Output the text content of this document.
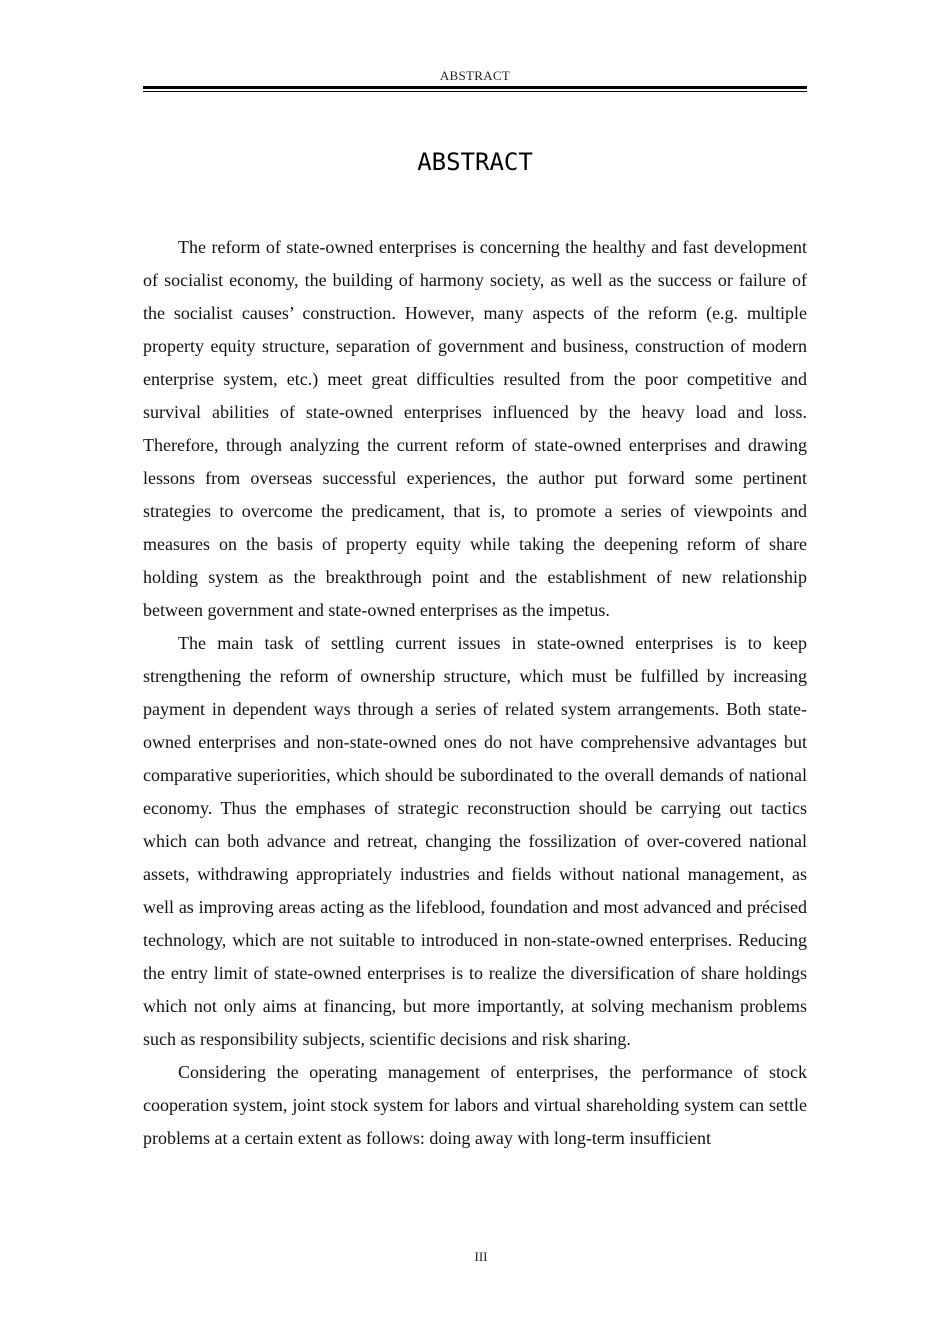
ABSTRACT
ABSTRACT

The reform of state-owned enterprises is concerning the healthy and fast development of socialist economy, the building of harmony society, as well as the success or failure of the socialist causes’ construction. However, many aspects of the reform (e.g. multiple property equity structure, separation of government and business, construction of modern enterprise system, etc.) meet great difficulties resulted from the poor competitive and survival abilities of state-owned enterprises influenced by the heavy load and loss. Therefore, through analyzing the current reform of state-owned enterprises and drawing lessons from overseas successful experiences, the author put forward some pertinent strategies to overcome the predicament, that is, to promote a series of viewpoints and measures on the basis of property equity while taking the deepening reform of share holding system as the breakthrough point and the establishment of new relationship between government and state-owned enterprises as the impetus.

The main task of settling current issues in state-owned enterprises is to keep strengthening the reform of ownership structure, which must be fulfilled by increasing payment in dependent ways through a series of related system arrangements. Both state-owned enterprises and non-state-owned ones do not have comprehensive advantages but comparative superiorities, which should be subordinated to the overall demands of national economy. Thus the emphases of strategic reconstruction should be carrying out tactics which can both advance and retreat, changing the fossilization of over-covered national assets, withdrawing appropriately industries and fields without national management, as well as improving areas acting as the lifeblood, foundation and most advanced and précised technology, which are not suitable to introduced in non-state-owned enterprises. Reducing the entry limit of state-owned enterprises is to realize the diversification of share holdings which not only aims at financing, but more importantly, at solving mechanism problems such as responsibility subjects, scientific decisions and risk sharing.

Considering the operating management of enterprises, the performance of stock cooperation system, joint stock system for labors and virtual shareholding system can settle problems at a certain extent as follows: doing away with long-term insufficient

III
